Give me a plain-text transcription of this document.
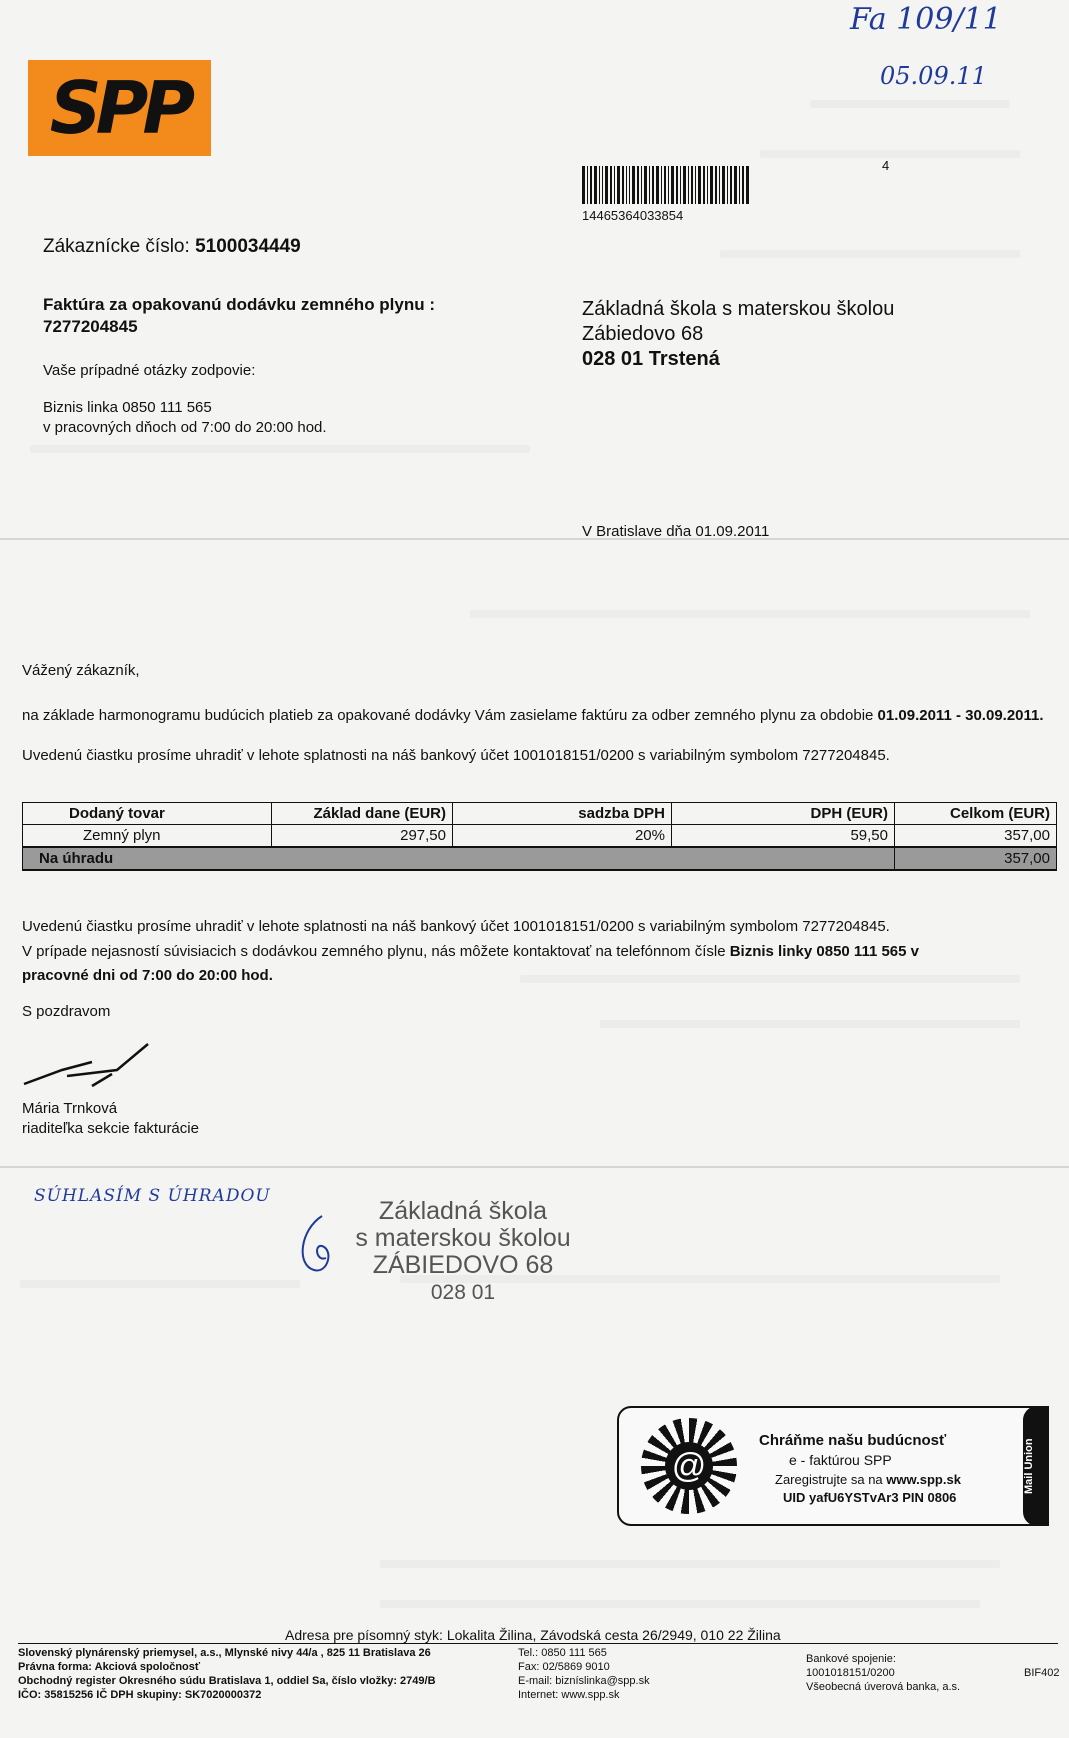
Fa 109/11
05.09.11
SPP
14465364033854
4
Zákaznícke číslo: 5100034449
Faktúra za opakovanú dodávku zemného plynu :
7277204845
Vaše prípadné otázky zodpovie:
Biznis linka 0850 111 565
v pracovných dňoch od 7:00 do 20:00 hod.
Základná škola s materskou školou
Zábiedovo 68
028 01 Trstená
V Bratislave dňa 01.09.2011
Vážený zákazník,
na základe harmonogramu budúcich platieb za opakované dodávky Vám zasielame faktúru za odber zemného plynu za obdobie 01.09.2011 - 30.09.2011.
Uvedenú čiastku prosíme uhradiť v lehote splatnosti na náš bankový účet 1001018151/0200 s variabilným symbolom 7277204845.
Dodaný tovar	Základ dane (EUR)	sadzba DPH	DPH (EUR)	Celkom (EUR)
Zemný plyn	297,50	20%	59,50	357,00
Na úhradu				357,00
Uvedenú čiastku prosíme uhradiť v lehote splatnosti na náš bankový účet 1001018151/0200 s variabilným symbolom 7277204845.
V prípade nejasností súvisiacich s dodávkou zemného plynu, nás môžete kontaktovať na telefónnom čísle Biznis linky 0850 111 565 v
pracovné dni od 7:00 do 20:00 hod.
S pozdravom
Mária Trnková
riaditeľka sekcie fakturácie
SÚHLASÍM S ÚHRADOU
Základná škola
s materskou školou
ZÁBIEDOVO 68
028 01
@
Chráňme našu budúcnosť
e - faktúrou SPP
Zaregistrujte sa na www.spp.sk
UID yafU6YSTvAr3 PIN 0806
Mail Union
Adresa pre písomný styk: Lokalita Žilina, Závodská cesta 26/2949, 010 22 Žilina
Slovenský plynárenský priemysel, a.s., Mlynské nivy 44/a , 825 11 Bratislava 26
Právna forma: Akciová spoločnosť
Obchodný register Okresného súdu Bratislava 1, oddiel Sa, číslo vložky: 2749/B
IČO: 35815256 IČ DPH skupiny: SK7020000372
Tel.: 0850 111 565
Fax: 02/5869 9010
E-mail: bizníslinka@spp.sk
Internet: www.spp.sk
Bankové spojenie:
1001018151/0200
Všeobecná úverová banka, a.s.
BIF402
